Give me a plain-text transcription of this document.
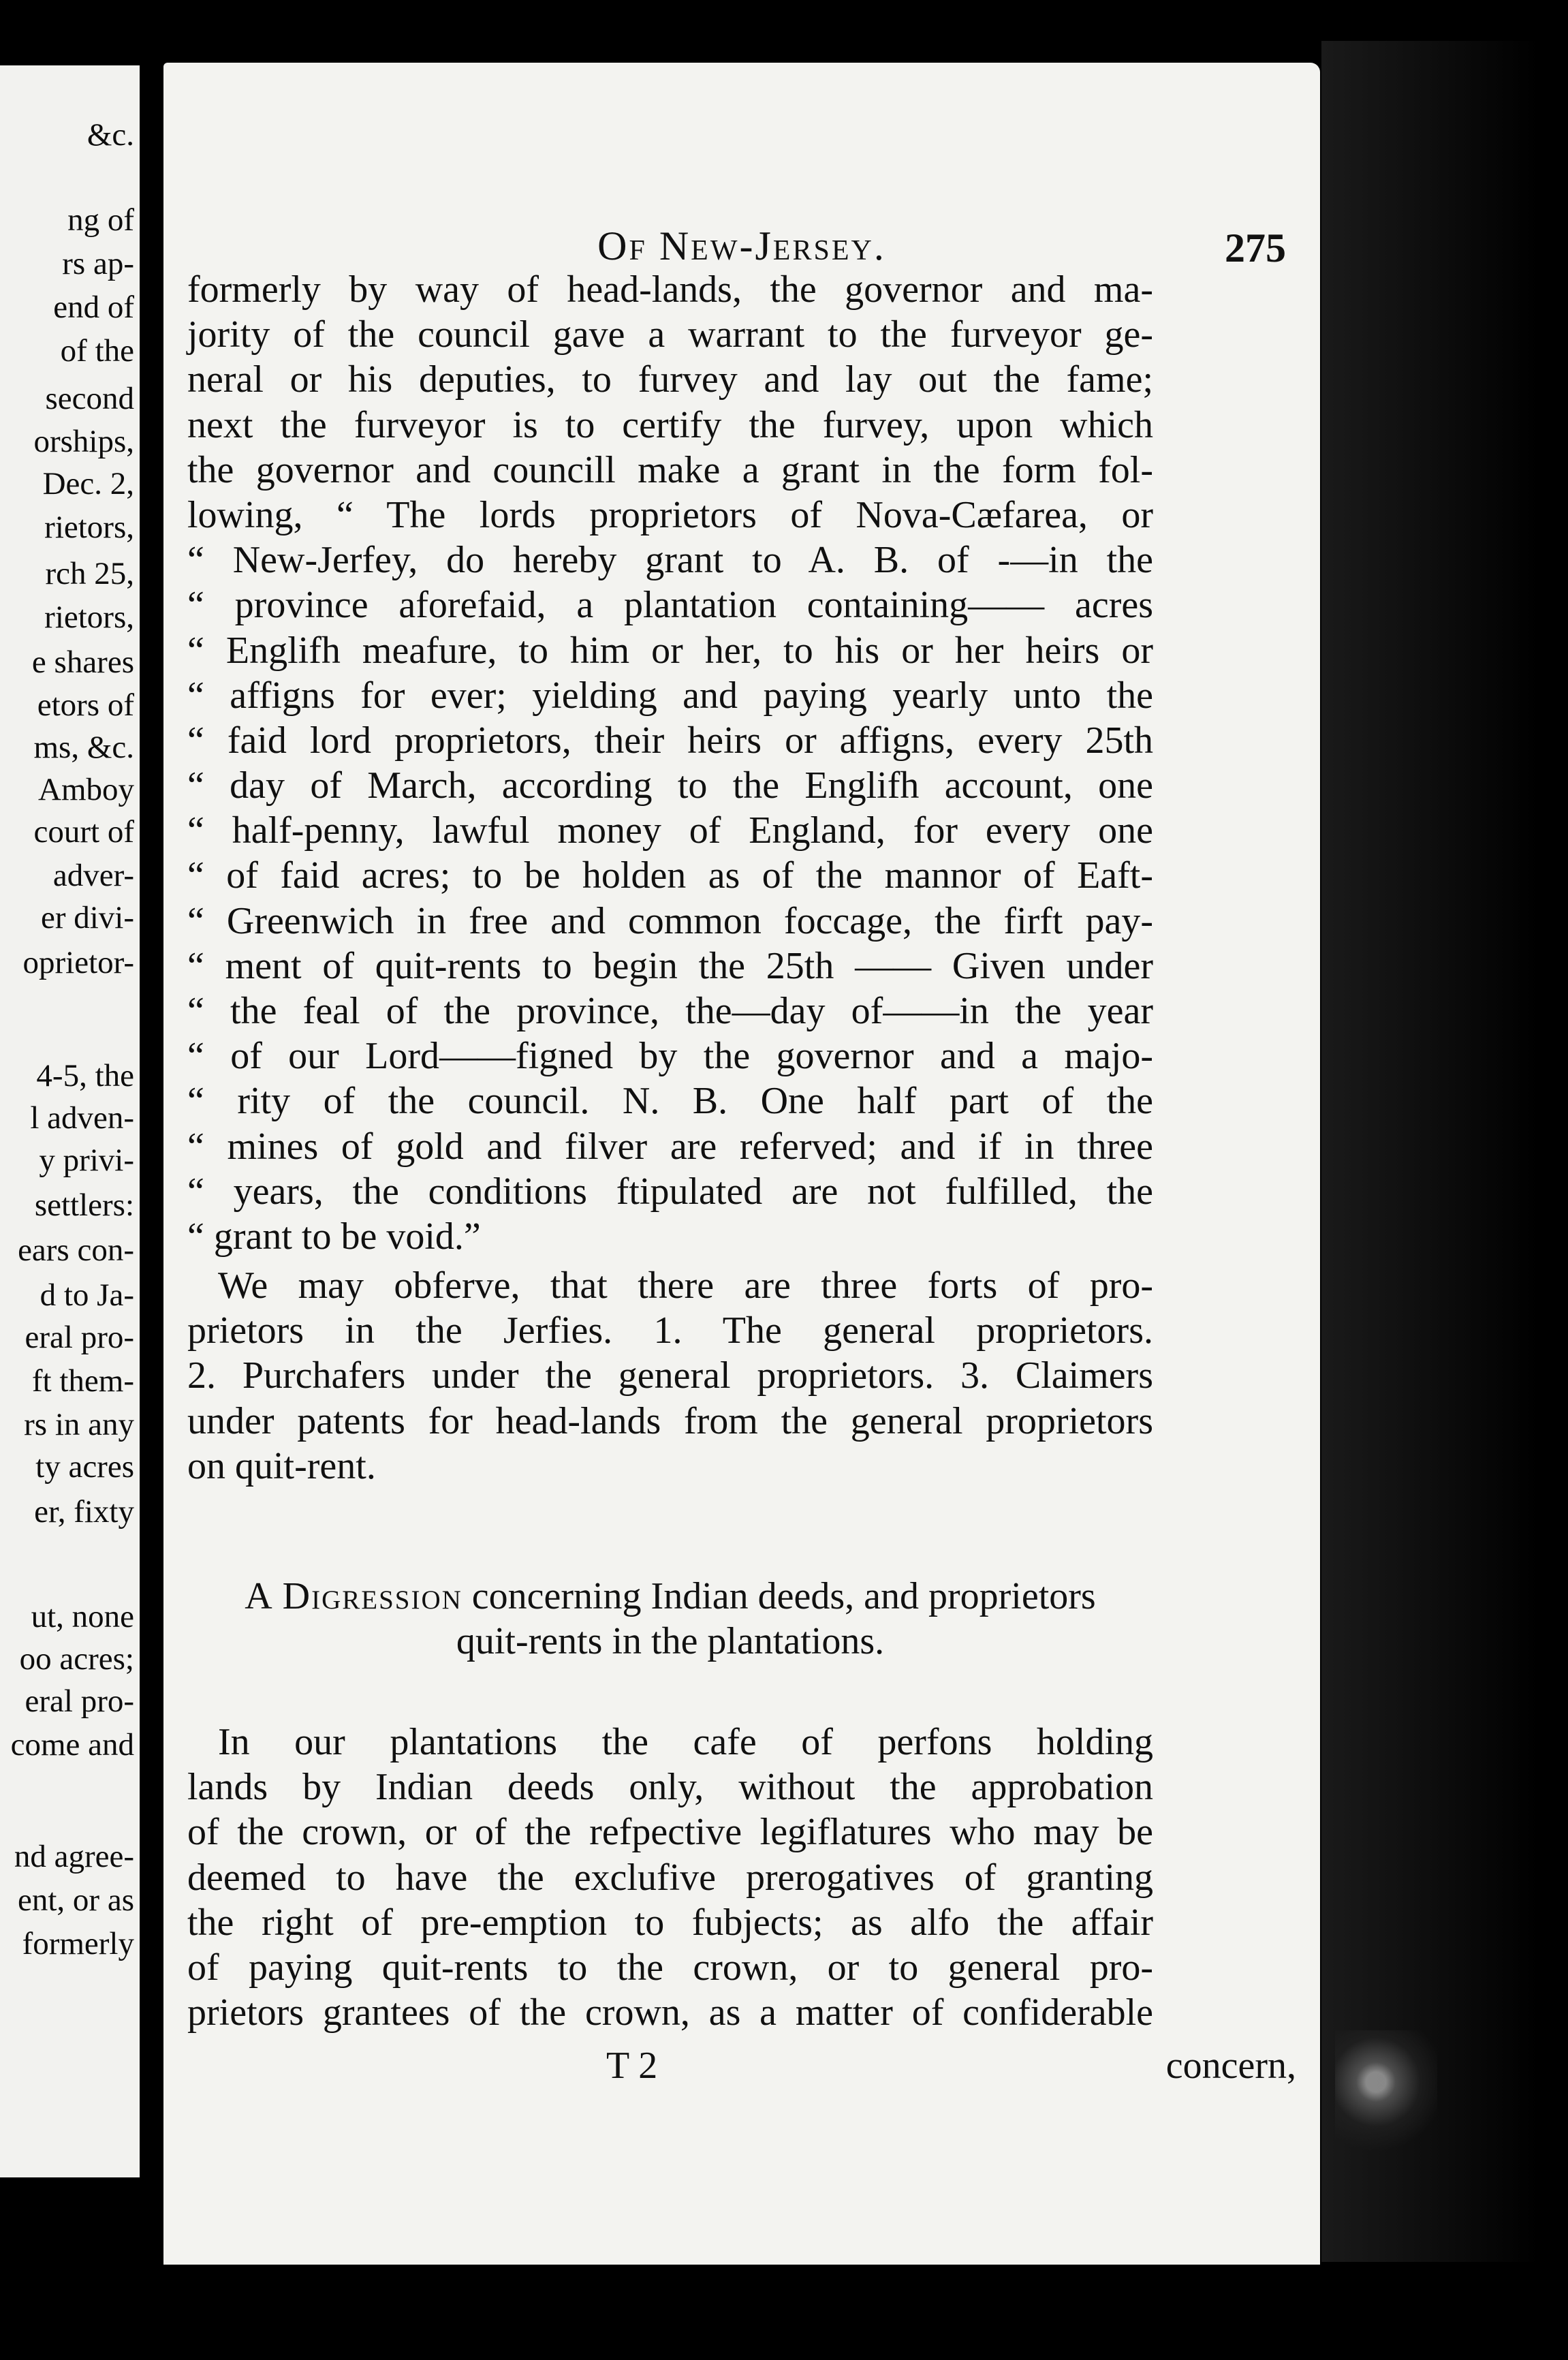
&c.
ng of
rs ap-
end of
of the
second
orships,
Dec. 2,
rietors,
rch 25,
rietors,
e shares
etors of
ms, &c.
Amboy
court of
adver-
er divi-
oprietor-
4-5, the
l adven-
y privi-
settlers:
ears con-
d to Ja-
eral pro-
ft them-
rs in any
ty acres
er, fixty
ut, none
oo acres;
eral pro-
come and
nd agree-
ent, or as
formerly
Of New-Jersey.	275
formerly by way of head-lands, the governor and ma-
jority of the council gave a warrant to the furveyor ge-
neral or his deputies, to furvey and lay out the fame;
next the furveyor is to certify the furvey, upon which
the governor and councill make a grant in the form fol-
lowing, “ The lords proprietors of Nova-Cæfarea, or
“ New-Jerfey, do hereby grant to A. B. of -—in the
“ province aforefaid, a plantation containing—— acres
“ Englifh meafure, to him or her, to his or her heirs or
“ affigns for ever; yielding and paying yearly unto the
“ faid lord proprietors, their heirs or affigns, every 25th
“ day of March, according to the Englifh account, one
“ half-penny, lawful money of England, for every one
“ of faid acres; to be holden as of the mannor of Eaft-
“ Greenwich in free and common foccage, the firft pay-
“ ment of quit-rents to begin the 25th —— Given under
“ the feal of the province, the—day of——in the year
“ of our Lord——figned by the governor and a majo-
“ rity of the council. N. B. One half part of the
“ mines of gold and filver are referved; and if in three
“ years, the conditions ftipulated are not fulfilled, the
“ grant to be void.”
We may obferve, that there are three forts of pro-
prietors in the Jerfies. 1. The general proprietors.
2. Purchafers under the general proprietors. 3. Claimers
under patents for head-lands from the general proprietors
on quit-rent.
A Digression concerning Indian deeds, and proprietors
quit-rents in the plantations.
In our plantations the cafe of perfons holding
lands by Indian deeds only, without the approbation
of the crown, or of the refpective legiflatures who may be
deemed to have the exclufive prerogatives of granting
the right of pre-emption to fubjects; as alfo the affair
of paying quit-rents to the crown, or to general pro-
prietors grantees of the crown, as a matter of confiderable
T 2	concern,
